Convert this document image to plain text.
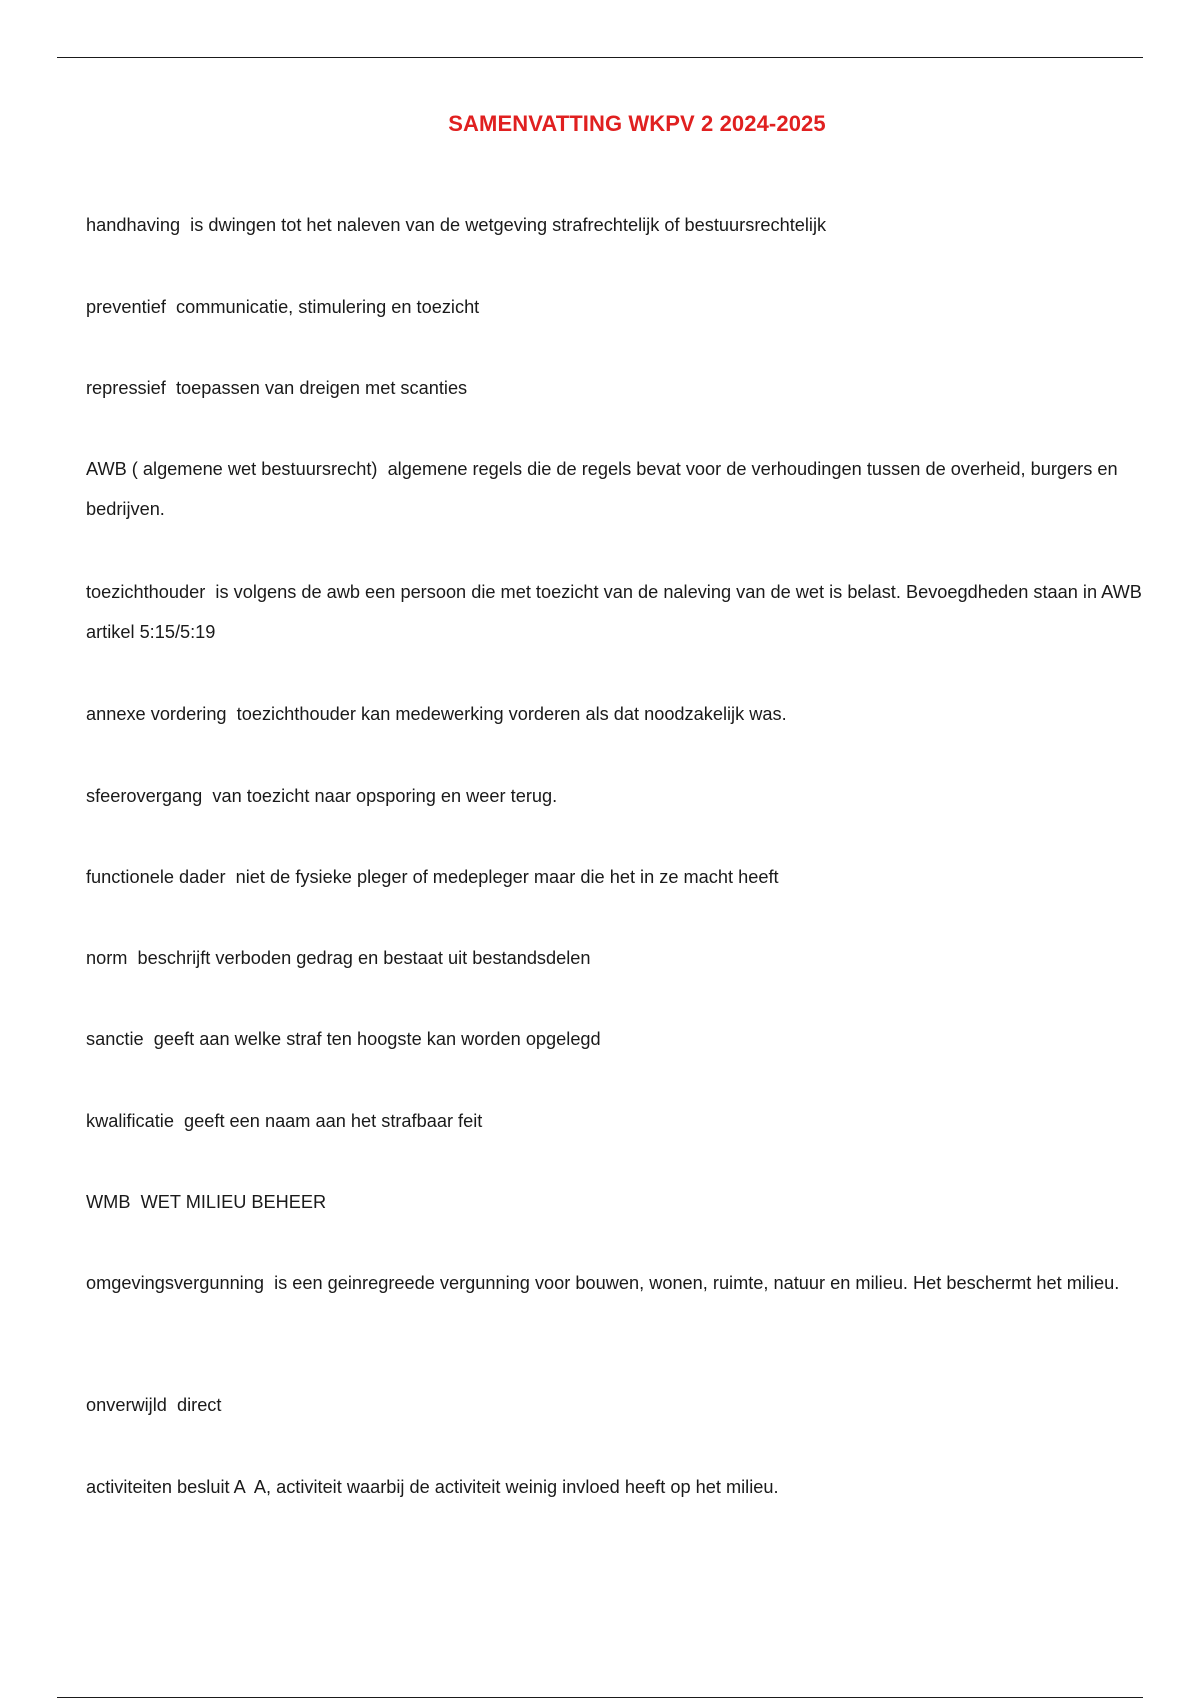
SAMENVATTING WKPV 2 2024-2025

handhaving is dwingen tot het naleven van de wetgeving strafrechtelijk of bestuursrechtelijk

preventief communicatie, stimulering en toezicht

repressief toepassen van dreigen met scanties

AWB ( algemene wet bestuursrecht) algemene regels die de regels bevat voor de verhoudingen tussen de overheid, burgers en bedrijven.

toezichthouder is volgens de awb een persoon die met toezicht van de naleving van de wet is belast. Bevoegdheden staan in AWB artikel 5:15/5:19

annexe vordering toezichthouder kan medewerking vorderen als dat noodzakelijk was.

sfeerovergang van toezicht naar opsporing en weer terug.

functionele dader niet de fysieke pleger of medepleger maar die het in ze macht heeft

norm beschrijft verboden gedrag en bestaat uit bestandsdelen

sanctie geeft aan welke straf ten hoogste kan worden opgelegd

kwalificatie geeft een naam aan het strafbaar feit

WMB WET MILIEU BEHEER

omgevingsvergunning is een geinregreede vergunning voor bouwen, wonen, ruimte, natuur en milieu. Het beschermt het milieu.

onverwijld direct

activiteiten besluit A A, activiteit waarbij de activiteit weinig invloed heeft op het milieu.
